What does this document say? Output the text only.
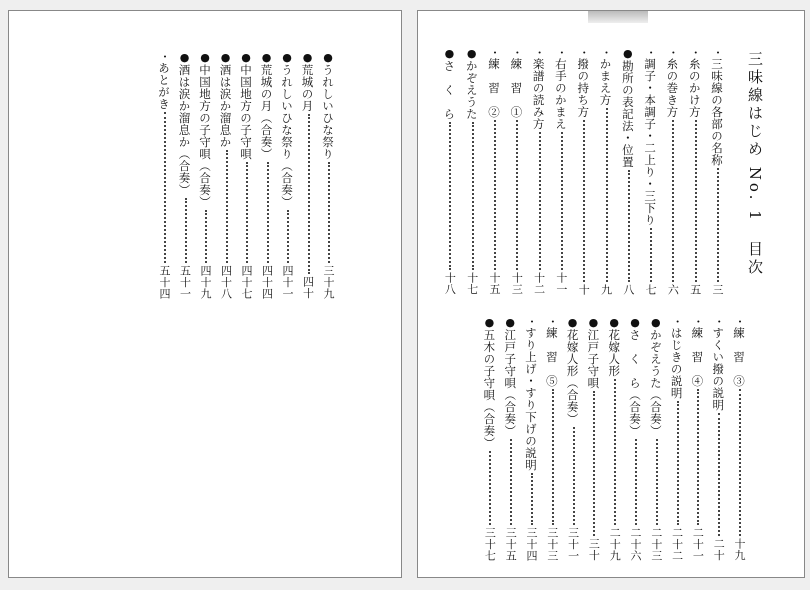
●
うれしいひな祭り
三十九
●
荒城の月
四十
●
うれしいひな祭り（合奏）
四十一
●
荒城の月（合奏）
四十四
●
中国地方の子守唄
四十七
●
酒は涙か溜息か
四十八
●
中国地方の子守唄（合奏）
四十九
●
酒は涙か溜息か（合奏）
五十一
・
あとがき
五十四
三味線はじめ No. 1　目次
・
三味線の各部の名称
三
・
糸のかけ方
五
・
糸の巻き方
六
・
調子・本調子・二上り・三下り
七
●
勘所の表記法・位置
八
・
かまえ方
九
・
撥の持ち方
十
・
右手のかまえ
十一
・
楽譜の読み方
十二
・
練　習　①
十三
・
練　習　②
十五
●
かぞえうた
十七
●
さ　く　ら
十八
・
練　習　③
十九
・
すくい撥の説明
二十
・
練　習　④
二十一
・
はじきの説明
二十二
●
かぞえうた（合奏）
二十三
●
さ　く　ら（合奏）
二十六
●
花嫁人形
二十九
●
江戸子守唄
三十
●
花嫁人形（合奏）
三十一
・
練　習　⑤
三十三
・
すり上げ・すり下げの説明
三十四
●
江戸子守唄（合奏）
三十五
●
五木の子守唄（合奏）
三十七
